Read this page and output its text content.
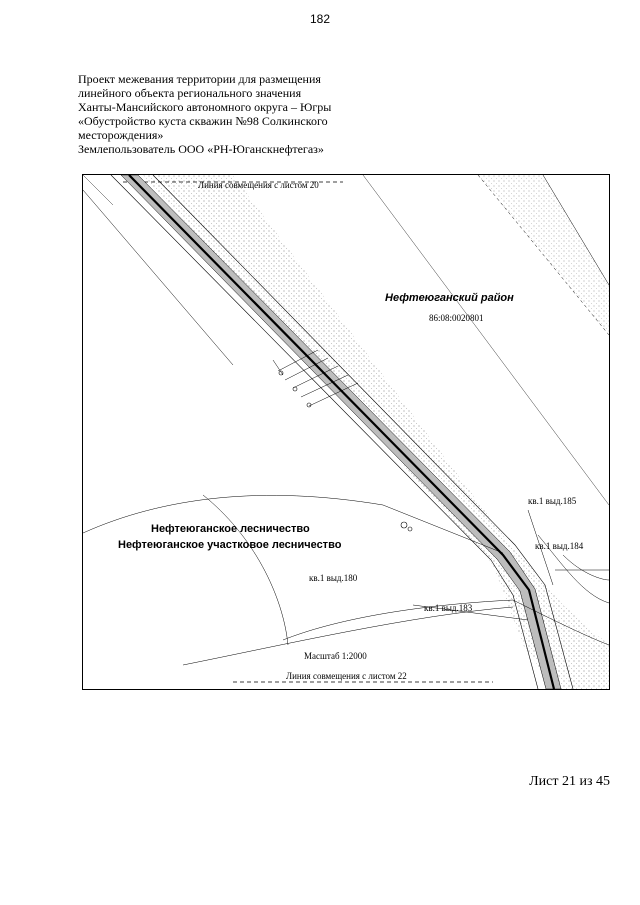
182
Проект межевания территории для размещения
линейного объекта регионального значения
Ханты-Мансийского автономного округа – Югры
«Обустройство куста скважин №98 Солкинского
месторождения»
Землепользователь ООО «РН-Юганскнефтегаз»
Линия совмещения с листом 20
Нефтеюганский район
86:08:0020801
кв.1 выд.185
Нефтеюганское лесничество
Нефтеюганское участковое лесничество	кв.1 выд.184
кв.1 выд.180
кв.1 выд.183
Масштаб 1:2000
Линия совмещения с листом 22
Лист 21 из 45
